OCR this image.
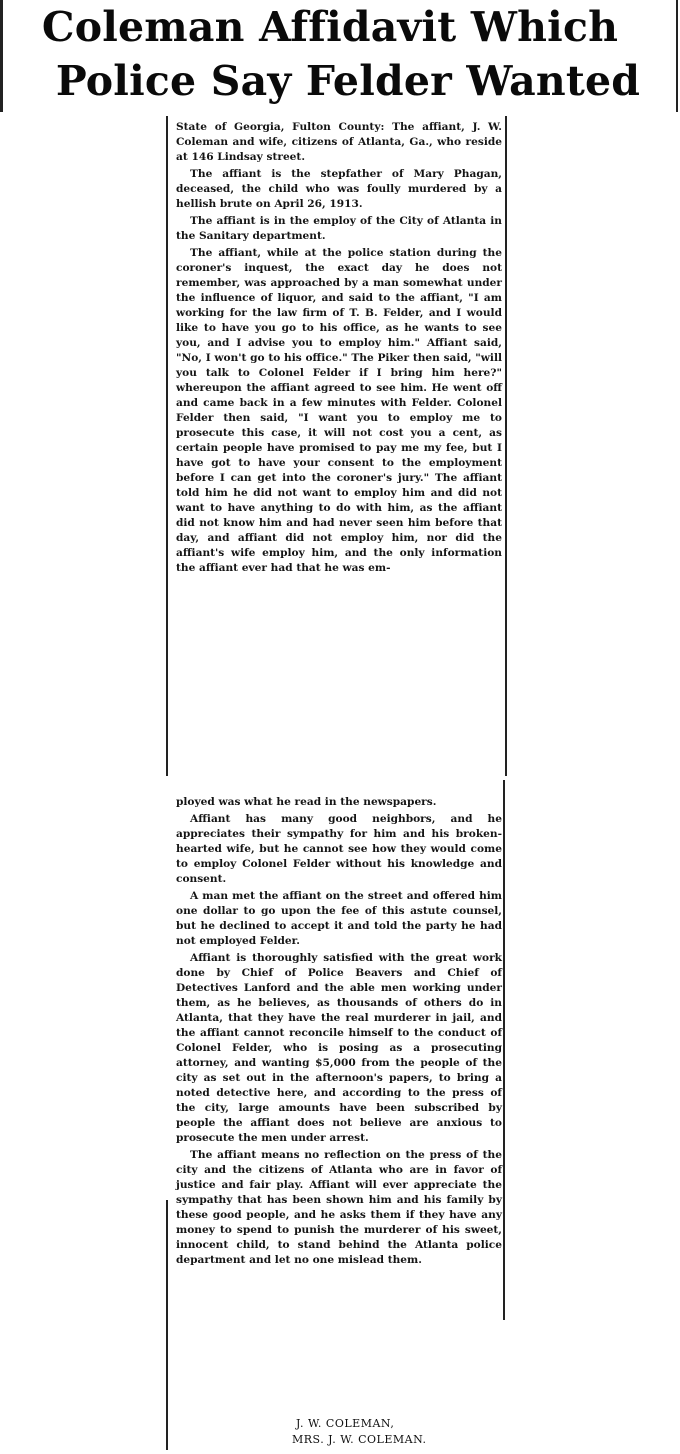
Coleman Affidavit Which
Police Say Felder Wanted

State of Georgia, Fulton County: The affiant, J. W. Coleman and wife, citizens of Atlanta, Ga., who reside at 146 Lindsay street.

The affiant is the stepfather of Mary Phagan, deceased, the child who was foully murdered by a hellish brute on April 26, 1913.

The affiant is in the employ of the City of Atlanta in the Sanitary department.

The affiant, while at the police station during the coroner's inquest, the exact day he does not remember, was approached by a man somewhat under the influence of liquor, and said to the affiant, "I am working for the law firm of T. B. Felder, and I would like to have you go to his office, as he wants to see you, and I advise you to employ him." Affiant said, "No, I won't go to his office." The Piker then said, "will you talk to Colonel Felder if I bring him here?" whereupon the affiant agreed to see him. He went off and came back in a few minutes with Felder. Colonel Felder then said, "I want you to employ me to prosecute this case, it will not cost you a cent, as certain people have promised to pay me my fee, but I have got to have your consent to the employment before I can get into the coroner's jury." The affiant told him he did not want to employ him and did not want to have anything to do with him, as the affiant did not know him and had never seen him before that day, and affiant did not employ him, nor did the affiant's wife employ him, and the only information the affiant ever had that he was em-

ployed was what he read in the newspapers.

Affiant has many good neighbors, and he appreciates their sympathy for him and his broken-hearted wife, but he cannot see how they would come to employ Colonel Felder without his knowledge and consent.

A man met the affiant on the street and offered him one dollar to go upon the fee of this astute counsel, but he declined to accept it and told the party he had not employed Felder.

Affiant is thoroughly satisfied with the great work done by Chief of Police Beavers and Chief of Detectives Lanford and the able men working under them, as he believes, as thousands of others do in Atlanta, that they have the real murderer in jail, and the affiant cannot reconcile himself to the conduct of Colonel Felder, who is posing as a prosecuting attorney, and wanting $5,000 from the people of the city as set out in the afternoon's papers, to bring a noted detective here, and according to the press of the city, large amounts have been subscribed by people the affiant does not believe are anxious to prosecute the men under arrest.

The affiant means no reflection on the press of the city and the citizens of Atlanta who are in favor of justice and fair play. Affiant will ever appreciate the sympathy that has been shown him and his family by these good people, and he asks them if they have any money to spend to punish the murderer of his sweet, innocent child, to stand behind the Atlanta police department and let no one mislead them.

J. W. COLEMAN,
MRS. J. W. COLEMAN.
